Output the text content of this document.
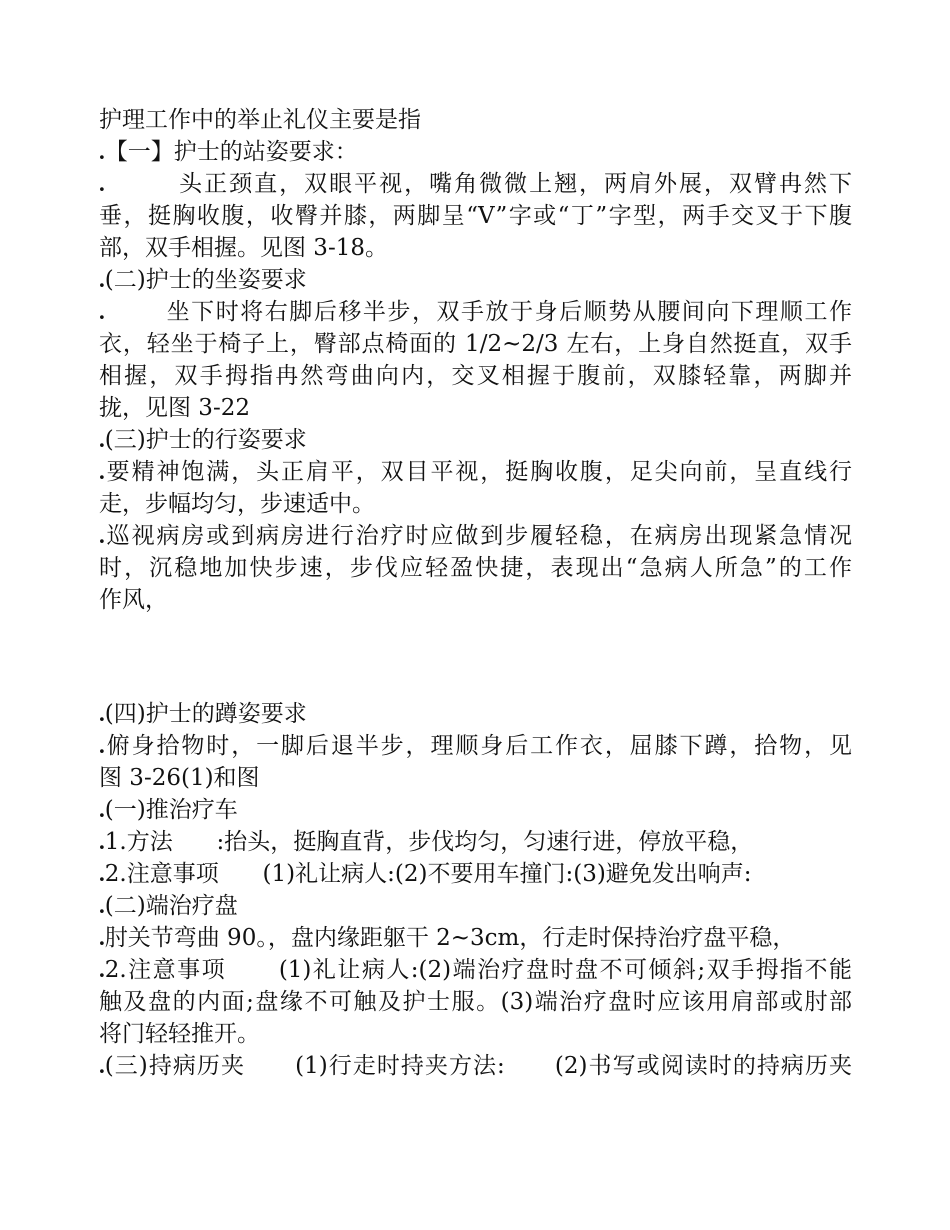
护理工作中的举止礼仪主要是指
.【一】护士的站姿要求：
.        头正颈直，双眼平视，嘴角微微上翘，两肩外展，双臂冉然下
垂，挺胸收腹，收臀并膝，两脚呈“V”字或“丁”字型，两手交叉于下腹
部，双手相握。见图 3-18。
.(二)护士的坐姿要求
.       坐下时将右脚后移半步，双手放于身后顺势从腰间向下理顺工作
衣，轻坐于椅子上，臀部点椅面的 1/2~2/3 左右，上身自然挺直，双手
相握，双手拇指冉然弯曲向内，交叉相握于腹前，双膝轻靠，两脚并
拢，见图 3-22
.(三)护士的行姿要求
.要精神饱满，头正肩平，双目平视，挺胸收腹，足尖向前，呈直线行
走，步幅均匀，步速适中。
.巡视病房或到病房进行治疗时应做到步履轻稳，在病房出现紧急情况
时，沉稳地加快步速，步伐应轻盈快捷，表现出“急病人所急”的工作
作风，
.(四)护士的蹲姿要求
.俯身拾物时，一脚后退半步，理顺身后工作衣，屈膝下蹲，拾物，见
图 3-26(1)和图
.(一)推治疗车
.1.方法      :抬头，挺胸直背，步伐均匀，匀速行进，停放平稳，
.2.注意事项      (1)礼让病人:(2)不要用车撞门:(3)避免发出响声:
.(二)端治疗盘
.肘关节弯曲 90。，盘内缘距躯干 2~3cm，行走时保持治疗盘平稳，
.2.注意事项      (1)礼让病人:(2)端治疗盘时盘不可倾斜;双手拇指不能
触及盘的内面;盘缘不可触及护士服。(3)端治疗盘时应该用肩部或肘部
将门轻轻推开。
.(三)持病历夹      (1)行走时持夹方法:      (2)书写或阅读时的持病历夹
